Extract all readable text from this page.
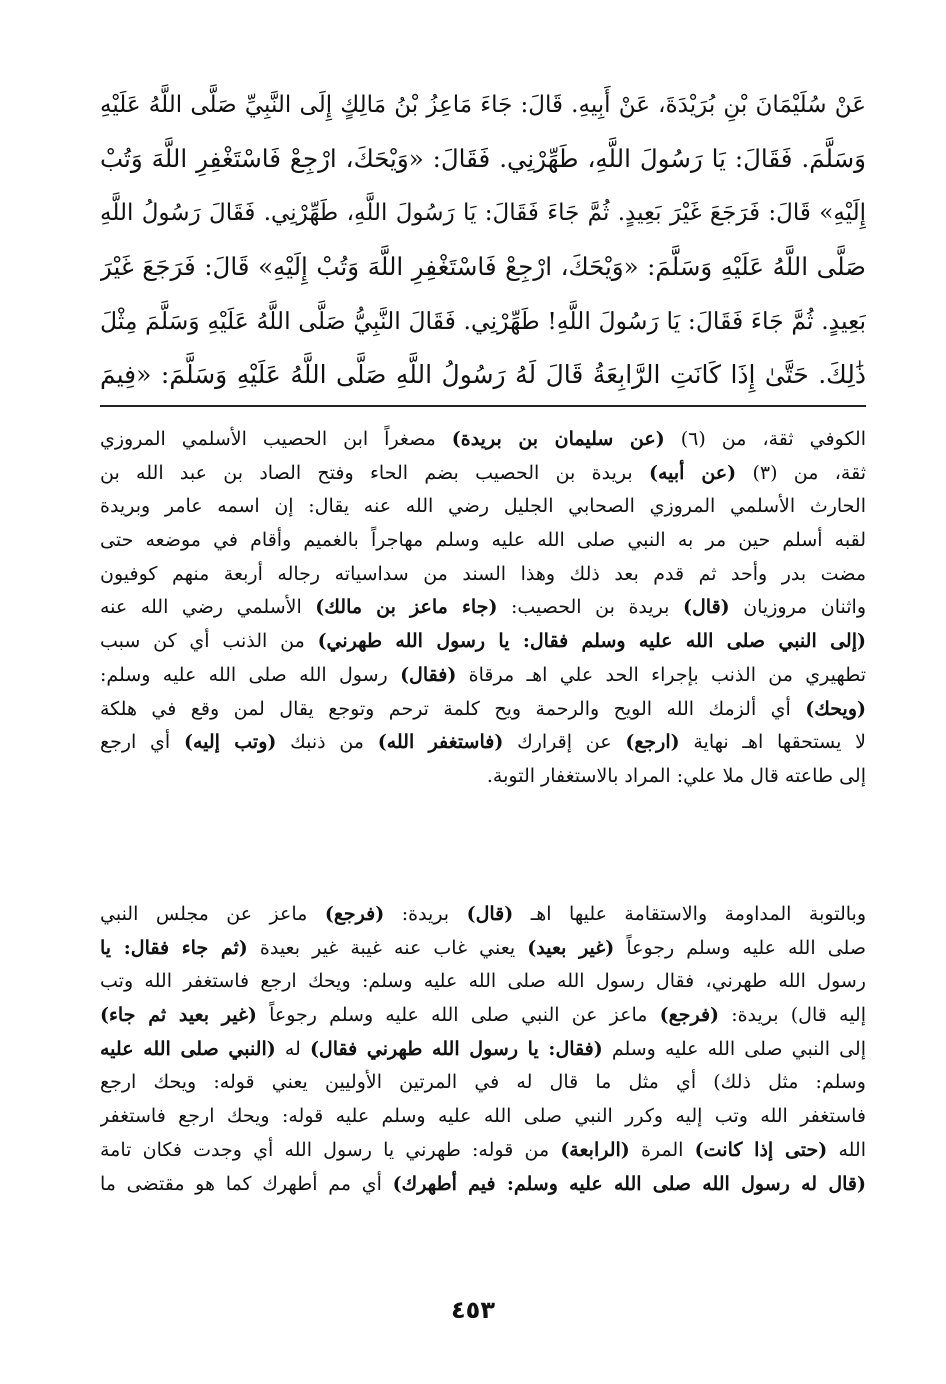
عَنْ سُلَيْمَانَ بْنِ بُرَيْدَةَ، عَنْ أَبِيهِ. قَالَ: جَاءَ مَاعِزُ بْنُ مَالِكٍ إِلَى النَّبِيِّ صَلَّى اللَّهُ عَلَيْهِ
وَسَلَّمَ. فَقَالَ: يَا رَسُولَ اللَّهِ، طَهِّرْنِي. فَقَالَ: «وَيْحَكَ، ارْجِعْ فَاسْتَغْفِرِ اللَّهَ وَتُبْ
إِلَيْهِ» قَالَ: فَرَجَعَ غَيْرَ بَعِيدٍ. ثُمَّ جَاءَ فَقَالَ: يَا رَسُولَ اللَّهِ، طَهِّرْنِي. فَقَالَ رَسُولُ اللَّهِ
صَلَّى اللَّهُ عَلَيْهِ وَسَلَّمَ: «وَيْحَكَ، ارْجِعْ فَاسْتَغْفِرِ اللَّهَ وَتُبْ إِلَيْهِ» قَالَ: فَرَجَعَ غَيْرَ
بَعِيدٍ. ثُمَّ جَاءَ فَقَالَ: يَا رَسُولَ اللَّهِ! طَهِّرْنِي. فَقَالَ النَّبِيُّ صَلَّى اللَّهُ عَلَيْهِ وَسَلَّمَ مِثْلَ
ذَٰلِكَ. حَتَّىٰ إِذَا كَانَتِ الرَّابِعَةُ قَالَ لَهُ رَسُولُ اللَّهِ صَلَّى اللَّهُ عَلَيْهِ وَسَلَّمَ: «فِيمَ
الكوفي ثقة، من (٦) (عن سليمان بن بريدة) مصغراً ابن الحصيب الأسلمي المروزي
ثقة، من (٣) (عن أبيه) بريدة بن الحصيب بضم الحاء وفتح الصاد بن عبد الله بن
الحارث الأسلمي المروزي الصحابي الجليل رضي الله عنه يقال: إن اسمه عامر وبريدة
لقبه أسلم حين مر به النبي صلى الله عليه وسلم مهاجراً بالغميم وأقام في موضعه حتى
مضت بدر وأحد ثم قدم بعد ذلك وهذا السند من سداسياته رجاله أربعة منهم كوفيون
واثنان مروزيان (قال) بريدة بن الحصيب: (جاء ماعز بن مالك) الأسلمي رضي الله عنه
(إلى النبي صلى الله عليه وسلم فقال: يا رسول الله طهرني) من الذنب أي كن سبب
تطهيري من الذنب بإجراء الحد علي اهـ مرقاة (فقال) رسول الله صلى الله عليه وسلم:
(ويحك) أي ألزمك الله الويح والرحمة ويح كلمة ترحم وتوجع يقال لمن وقع في هلكة
لا يستحقها اهـ نهاية (ارجع) عن إقرارك (فاستغفر الله) من ذنبك (وتب إليه) أي ارجع
إلى طاعته قال ملا علي: المراد بالاستغفار التوبة.
وبالتوبة المداومة والاستقامة عليها اهـ (قال) بريدة: (فرجع) ماعز عن مجلس النبي
صلى الله عليه وسلم رجوعاً (غير بعيد) يعني غاب عنه غيبة غير بعيدة (ثم جاء فقال: يا
رسول الله طهرني، فقال رسول الله صلى الله عليه وسلم: ويحك ارجع فاستغفر الله وتب
إليه قال) بريدة: (فرجع) ماعز عن النبي صلى الله عليه وسلم رجوعاً (غير بعيد ثم جاء)
إلى النبي صلى الله عليه وسلم (فقال: يا رسول الله طهرني فقال) له (النبي صلى الله عليه
وسلم: مثل ذلك) أي مثل ما قال له في المرتين الأوليين يعني قوله: ويحك ارجع
فاستغفر الله وتب إليه وكرر النبي صلى الله عليه وسلم عليه قوله: ويحك ارجع فاستغفر
الله (حتى إذا كانت) المرة (الرابعة) من قوله: طهرني يا رسول الله أي وجدت فكان تامة
(قال له رسول الله صلى الله عليه وسلم: فيم أطهرك) أي مم أطهرك كما هو مقتضى ما
٤٥٣
